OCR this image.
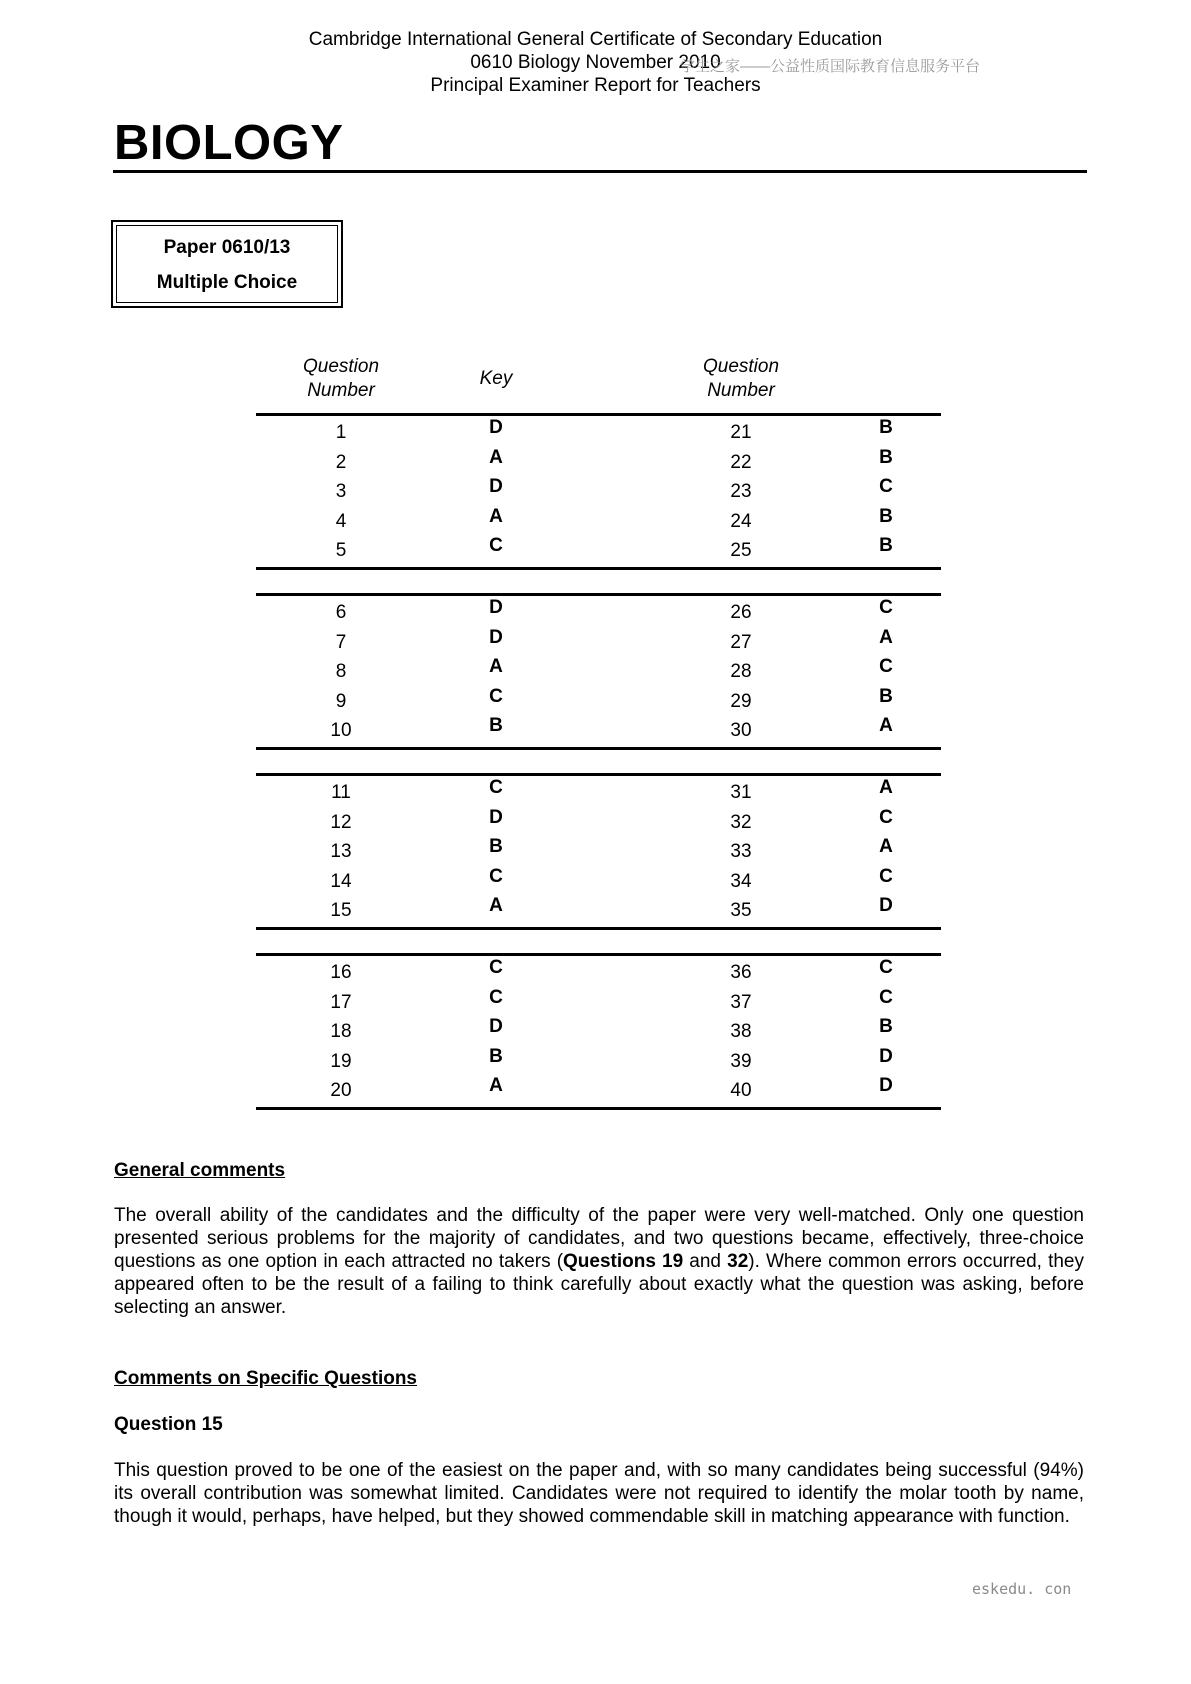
Cambridge International General Certificate of Secondary Education
0610 Biology November 2010
Principal Examiner Report for Teachers
学生之家——公益性质国际教育信息服务平台
BIOLOGY
Paper 0610/13
Multiple Choice
Question
Number
Key
Question
Number
1	D	21	B
2	A	22	B
3	D	23	C
4	A	24	B
5	C	25	B
6	D	26	C
7	D	27	A
8	A	28	C
9	C	29	B
10	B	30	A
11	C	31	A
12	D	32	C
13	B	33	A
14	C	34	C
15	A	35	D
16	C	36	C
17	C	37	C
18	D	38	B
19	B	39	D
20	A	40	D
General comments
The overall ability of the candidates and the difficulty of the paper were very well-matched. Only one question presented serious problems for the majority of candidates, and two questions became, effectively, three-choice questions as one option in each attracted no takers (Questions 19 and 32). Where common errors occurred, they appeared often to be the result of a failing to think carefully about exactly what the question was asking, before selecting an answer.
Comments on Specific Questions
Question 15
This question proved to be one of the easiest on the paper and, with so many candidates being successful (94%) its overall contribution was somewhat limited. Candidates were not required to identify the molar tooth by name, though it would, perhaps, have helped, but they showed commendable skill in matching appearance with function.
eskedu. con
